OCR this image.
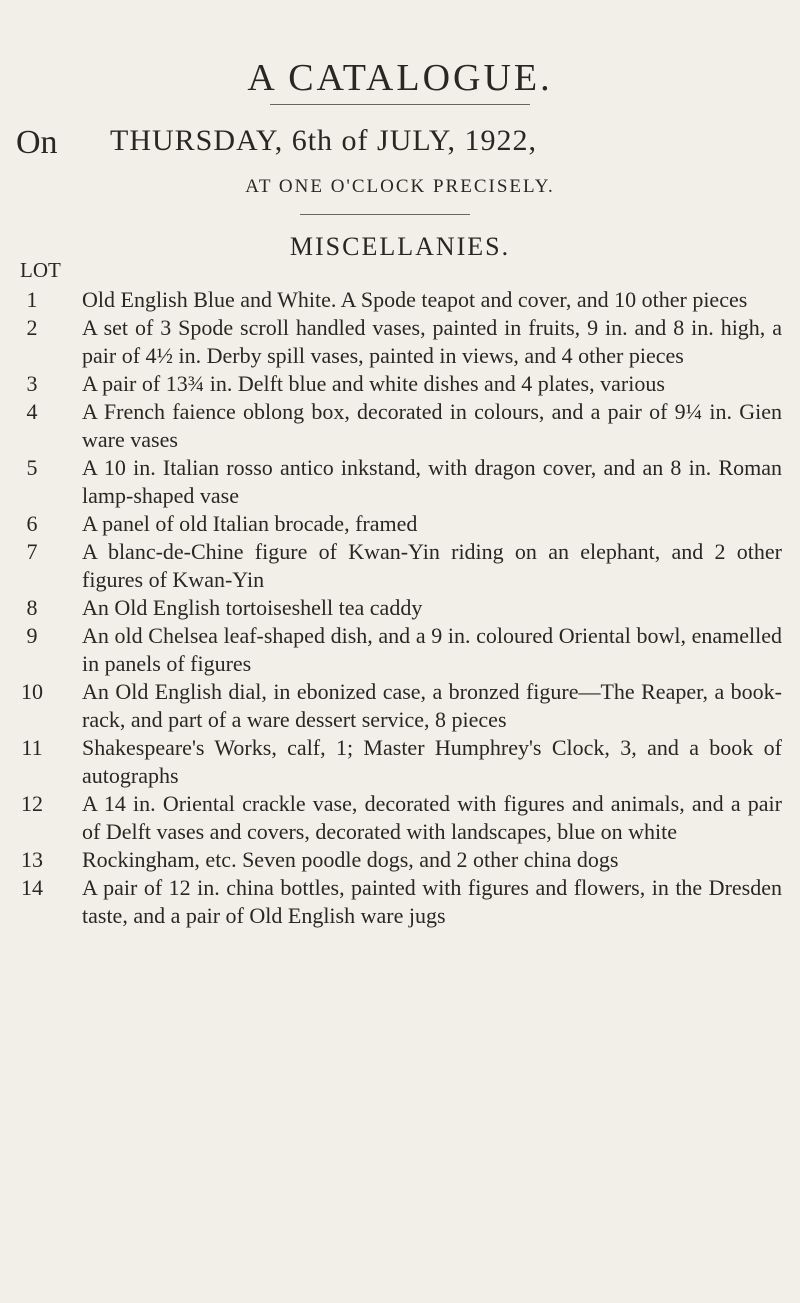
A CATALOGUE.
On THURSDAY, 6th of JULY, 1922,
AT ONE O'CLOCK PRECISELY.
MISCELLANIES.
LOT
1	Old English Blue and White. A Spode teapot and cover, and 10 other pieces
2	A set of 3 Spode scroll handled vases, painted in fruits, 9 in. and 8 in. high, a pair of 4½ in. Derby spill vases, painted in views, and 4 other pieces
3	A pair of 13¾ in. Delft blue and white dishes and 4 plates, various
4	A French faience oblong box, decorated in colours, and a pair of 9¼ in. Gien ware vases
5	A 10 in. Italian rosso antico inkstand, with dragon cover, and an 8 in. Roman lamp-shaped vase
6	A panel of old Italian brocade, framed
7	A blanc-de-Chine figure of Kwan-Yin riding on an elephant, and 2 other figures of Kwan-Yin
8	An Old English tortoiseshell tea caddy
9	An old Chelsea leaf-shaped dish, and a 9 in. coloured Oriental bowl, enamelled in panels of figures
10	An Old English dial, in ebonized case, a bronzed figure—The Reaper, a book-rack, and part of a ware dessert service, 8 pieces
11	Shakespeare's Works, calf, 1; Master Humphrey's Clock, 3, and a book of autographs
12	A 14 in. Oriental crackle vase, decorated with figures and animals, and a pair of Delft vases and covers, decorated with landscapes, blue on white
13	Rockingham, etc. Seven poodle dogs, and 2 other china dogs
14	A pair of 12 in. china bottles, painted with figures and flowers, in the Dresden taste, and a pair of Old English ware jugs
